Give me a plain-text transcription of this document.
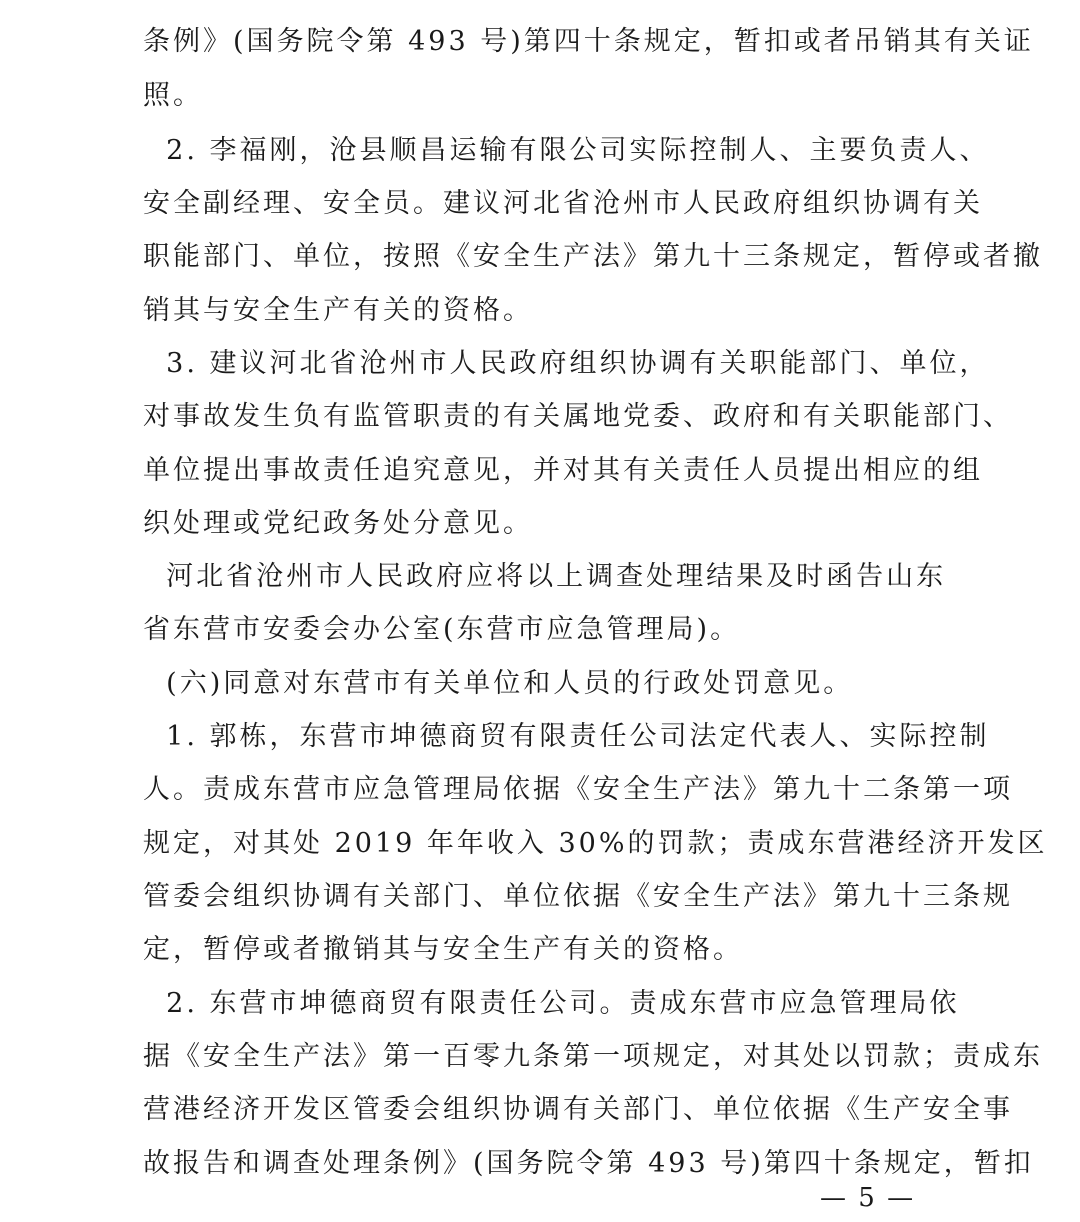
条例》(国务院令第 493 号)第四十条规定，暂扣或者吊销其有关证
照。
2. 李福刚，沧县顺昌运输有限公司实际控制人、主要负责人、
安全副经理、安全员。建议河北省沧州市人民政府组织协调有关
职能部门、单位，按照《安全生产法》第九十三条规定，暂停或者撤
销其与安全生产有关的资格。
3. 建议河北省沧州市人民政府组织协调有关职能部门、单位，
对事故发生负有监管职责的有关属地党委、政府和有关职能部门、
单位提出事故责任追究意见，并对其有关责任人员提出相应的组
织处理或党纪政务处分意见。
河北省沧州市人民政府应将以上调查处理结果及时函告山东
省东营市安委会办公室(东营市应急管理局)。
(六)同意对东营市有关单位和人员的行政处罚意见。
1. 郭栋，东营市坤德商贸有限责任公司法定代表人、实际控制
人。责成东营市应急管理局依据《安全生产法》第九十二条第一项
规定，对其处 2019 年年收入 30%的罚款；责成东营港经济开发区
管委会组织协调有关部门、单位依据《安全生产法》第九十三条规
定，暂停或者撤销其与安全生产有关的资格。
2. 东营市坤德商贸有限责任公司。责成东营市应急管理局依
据《安全生产法》第一百零九条第一项规定，对其处以罚款；责成东
营港经济开发区管委会组织协调有关部门、单位依据《生产安全事
故报告和调查处理条例》(国务院令第 493 号)第四十条规定，暂扣
— 5 —
